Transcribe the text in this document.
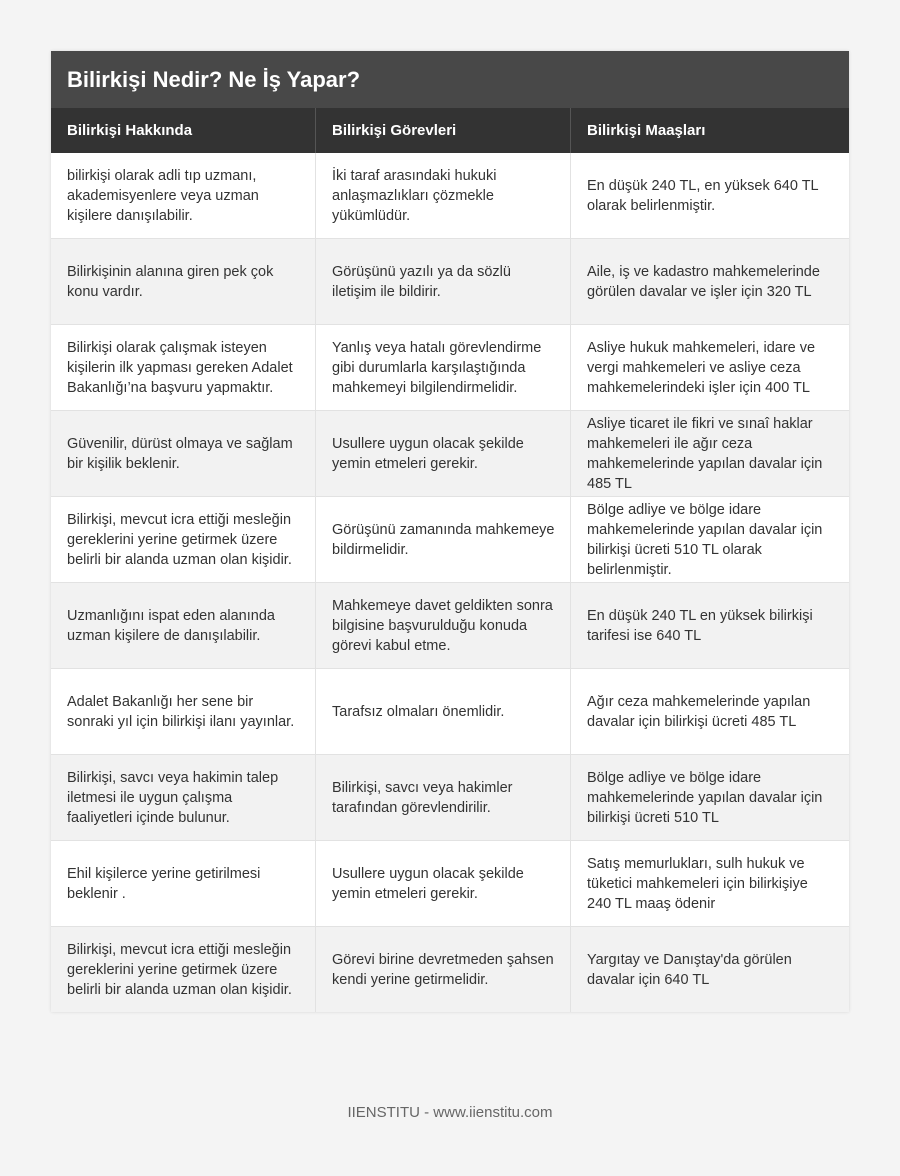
Bilirkişi Nedir? Ne İş Yapar?
Bilirkişi Hakkında	Bilirkişi Görevleri	Bilirkişi Maaşları
bilirkişi olarak adli tıp uzmanı, akademisyenlere veya uzman kişilere danışılabilir.
İki taraf arasındaki hukuki anlaşmazlıkları çözmekle yükümlüdür.
En düşük 240 TL, en yüksek 640 TL olarak belirlenmiştir.
Bilirkişinin alanına giren pek çok konu vardır.
Görüşünü yazılı ya da sözlü iletişim ile bildirir.
Aile, iş ve kadastro mahkemelerinde görülen davalar ve işler için 320 TL
Bilirkişi olarak çalışmak isteyen kişilerin ilk yapması gereken Adalet Bakanlığı’na başvuru yapmaktır.
Yanlış veya hatalı görevlendirme gibi durumlarla karşılaştığında mahkemeyi bilgilendirmelidir.
Asliye hukuk mahkemeleri, idare ve vergi mahkemeleri ve asliye ceza mahkemelerindeki işler için 400 TL
Güvenilir, dürüst olmaya ve sağlam bir kişilik beklenir.
Usullere uygun olacak şekilde yemin etmeleri gerekir.
Asliye ticaret ile fikri ve sınaî haklar mahkemeleri ile ağır ceza mahkemelerinde yapılan davalar için 485 TL
Bilirkişi, mevcut icra ettiği mesleğin gereklerini yerine getirmek üzere belirli bir alanda uzman olan kişidir.
Görüşünü zamanında mahkemeye bildirmelidir.
Bölge adliye ve bölge idare mahkemelerinde yapılan davalar için bilirkişi ücreti 510 TL olarak belirlenmiştir.
Uzmanlığını ispat eden alanında uzman kişilere de danışılabilir.
Mahkemeye davet geldikten sonra bilgisine başvurulduğu konuda görevi kabul etme.
En düşük 240 TL en yüksek bilirkişi tarifesi ise 640 TL
Adalet Bakanlığı her sene bir sonraki yıl için bilirkişi ilanı yayınlar.
Tarafsız olmaları önemlidir.
Ağır ceza mahkemelerinde yapılan davalar için bilirkişi ücreti 485 TL
Bilirkişi, savcı veya hakimin talep iletmesi ile uygun çalışma faaliyetleri içinde bulunur.
Bilirkişi, savcı veya hakimler tarafından görevlendirilir.
Bölge adliye ve bölge idare mahkemelerinde yapılan davalar için bilirkişi ücreti 510 TL
Ehil kişilerce yerine getirilmesi beklenir .
Usullere uygun olacak şekilde yemin etmeleri gerekir.
Satış memurlukları, sulh hukuk ve tüketici mahkemeleri için bilirkişiye 240 TL maaş ödenir
Bilirkişi, mevcut icra ettiği mesleğin gereklerini yerine getirmek üzere belirli bir alanda uzman olan kişidir.
Görevi birine devretmeden şahsen kendi yerine getirmelidir.
Yargıtay ve Danıştay'da görülen davalar için 640 TL
IIENSTITU - www.iienstitu.com
